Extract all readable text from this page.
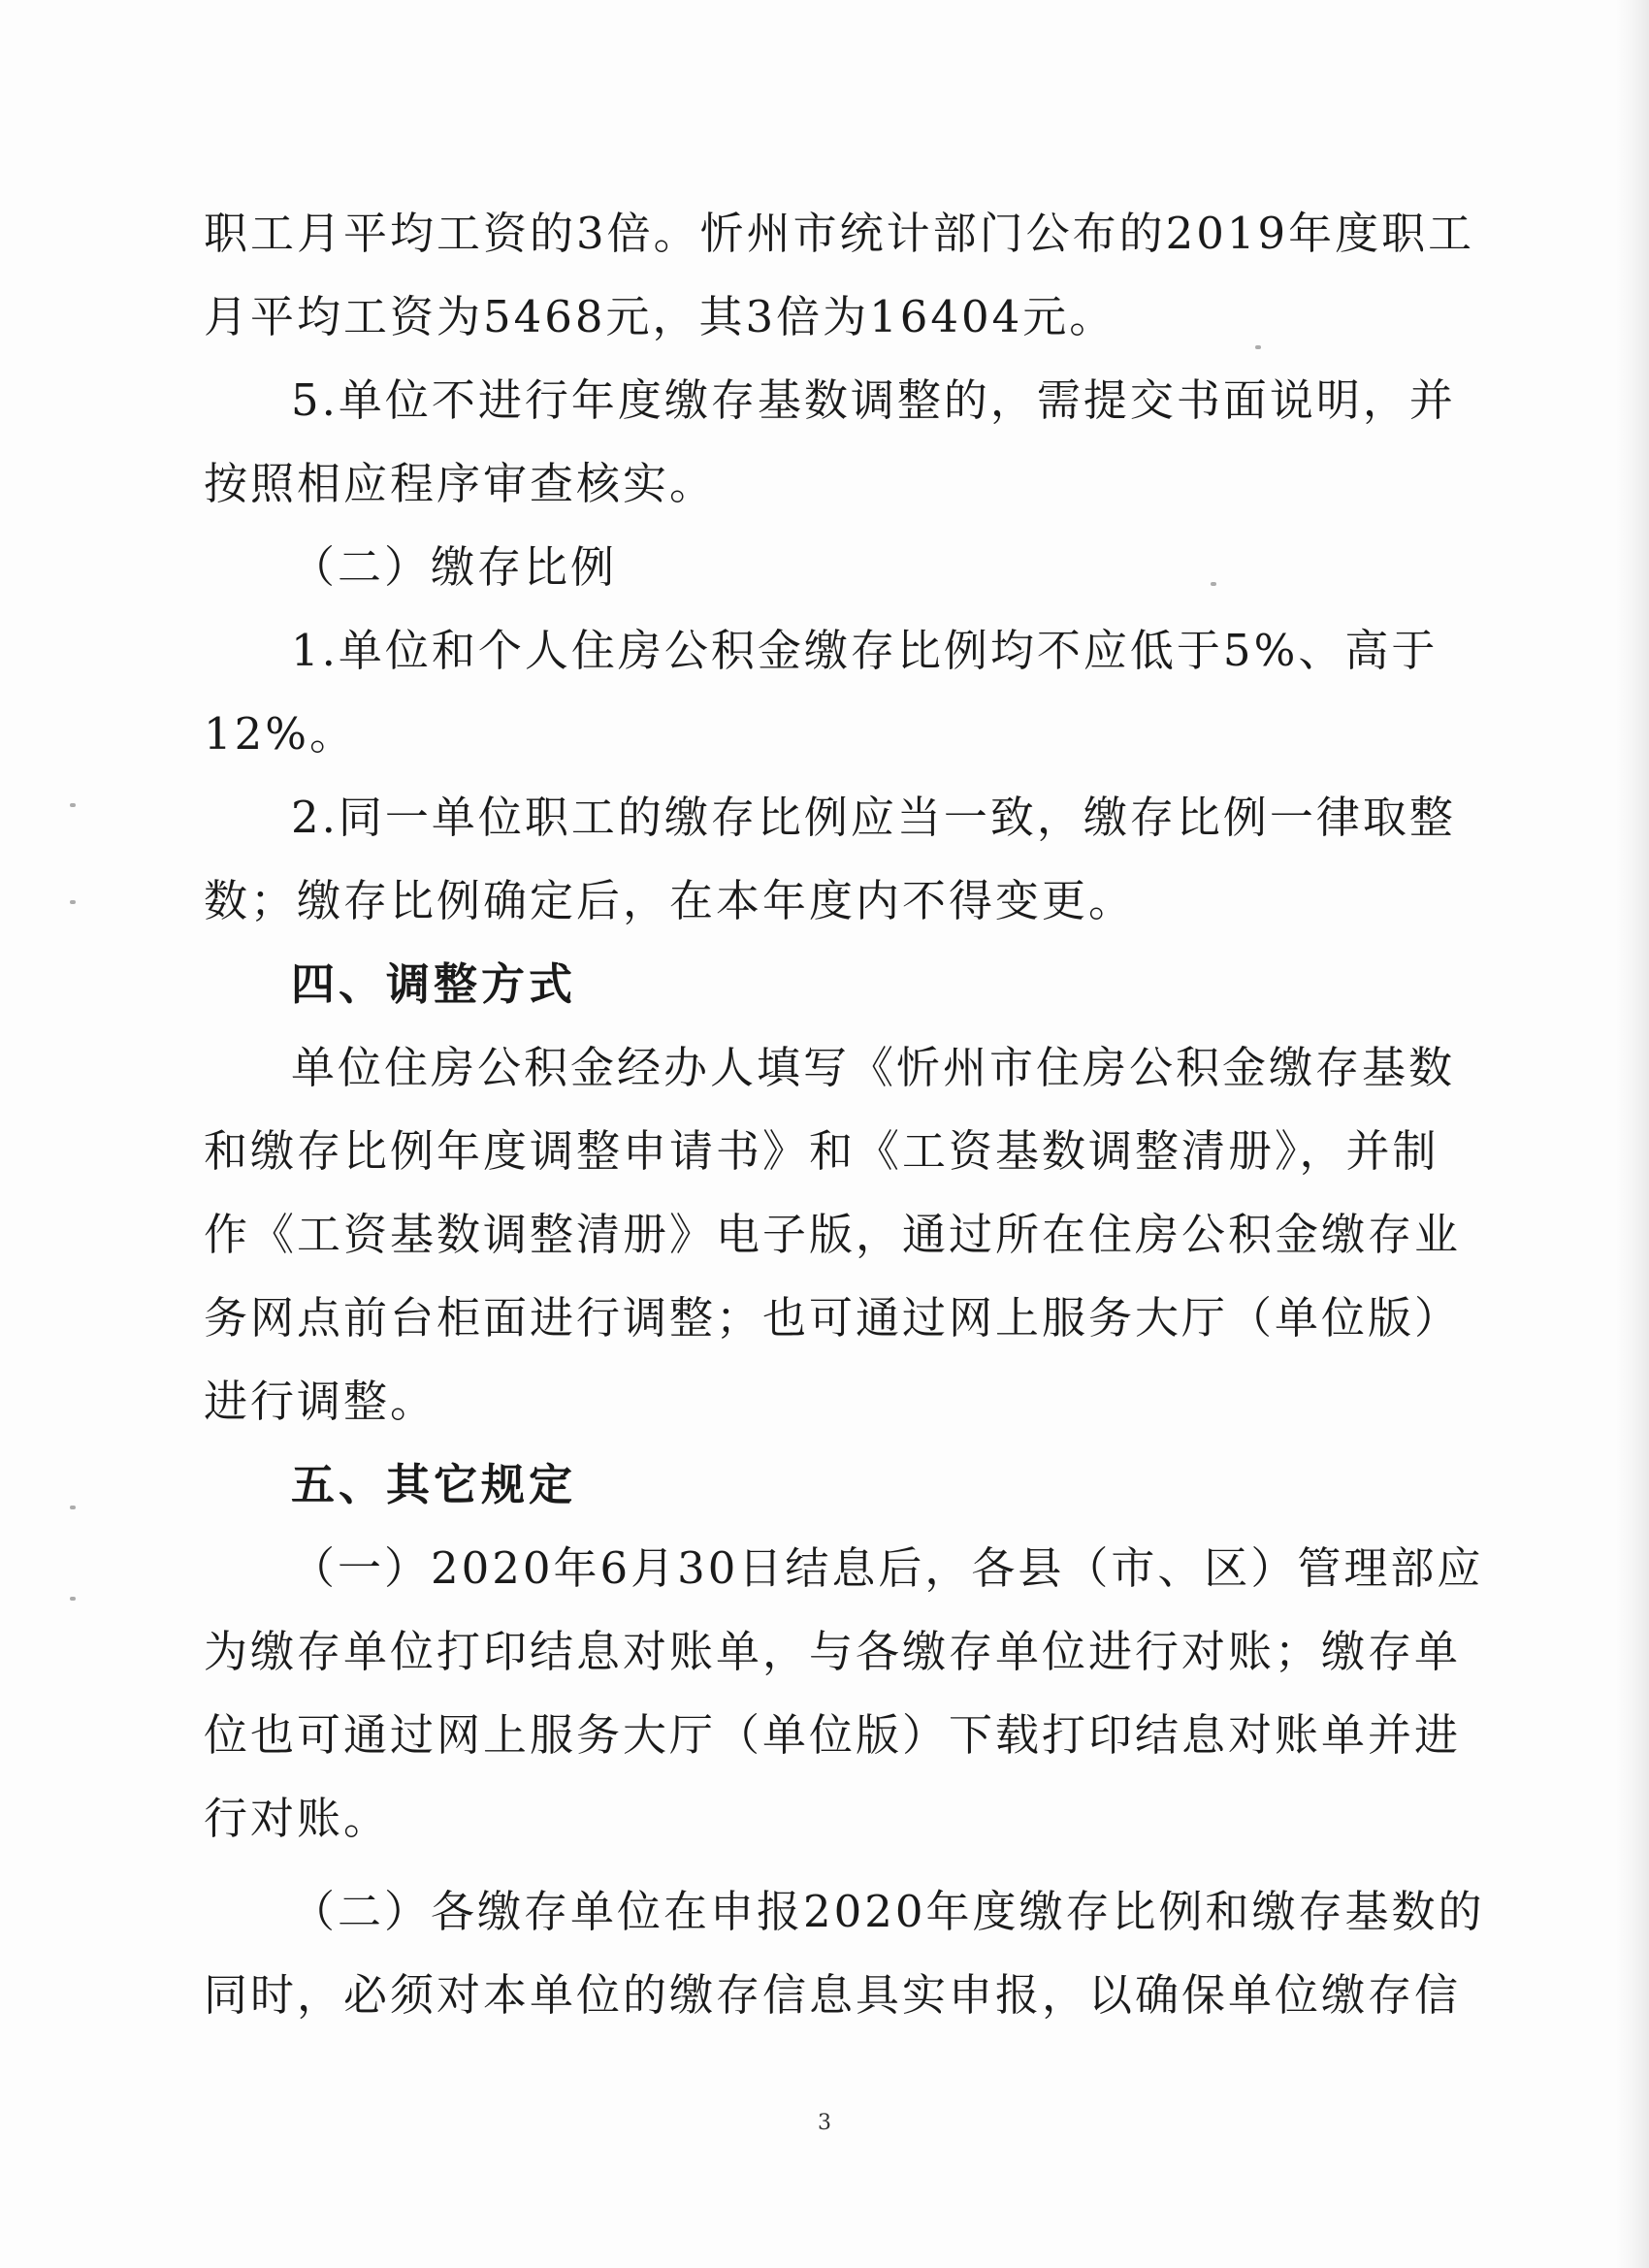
职工月平均工资的3倍。忻州市统计部门公布的2019年度职工
月平均工资为5468元，其3倍为16404元。
5.单位不进行年度缴存基数调整的，需提交书面说明，并
按照相应程序审查核实。
（二）缴存比例
1.单位和个人住房公积金缴存比例均不应低于5%、高于
12%。
2.同一单位职工的缴存比例应当一致，缴存比例一律取整
数；缴存比例确定后，在本年度内不得变更。
四、调整方式
单位住房公积金经办人填写《忻州市住房公积金缴存基数
和缴存比例年度调整申请书》和《工资基数调整清册》，并制
作《工资基数调整清册》电子版，通过所在住房公积金缴存业
务网点前台柜面进行调整；也可通过网上服务大厅（单位版）
进行调整。
五、其它规定
（一）2020年6月30日结息后，各县（市、区）管理部应
为缴存单位打印结息对账单，与各缴存单位进行对账；缴存单
位也可通过网上服务大厅（单位版）下载打印结息对账单并进
行对账。
（二）各缴存单位在申报2020年度缴存比例和缴存基数的
同时，必须对本单位的缴存信息具实申报，以确保单位缴存信
3
